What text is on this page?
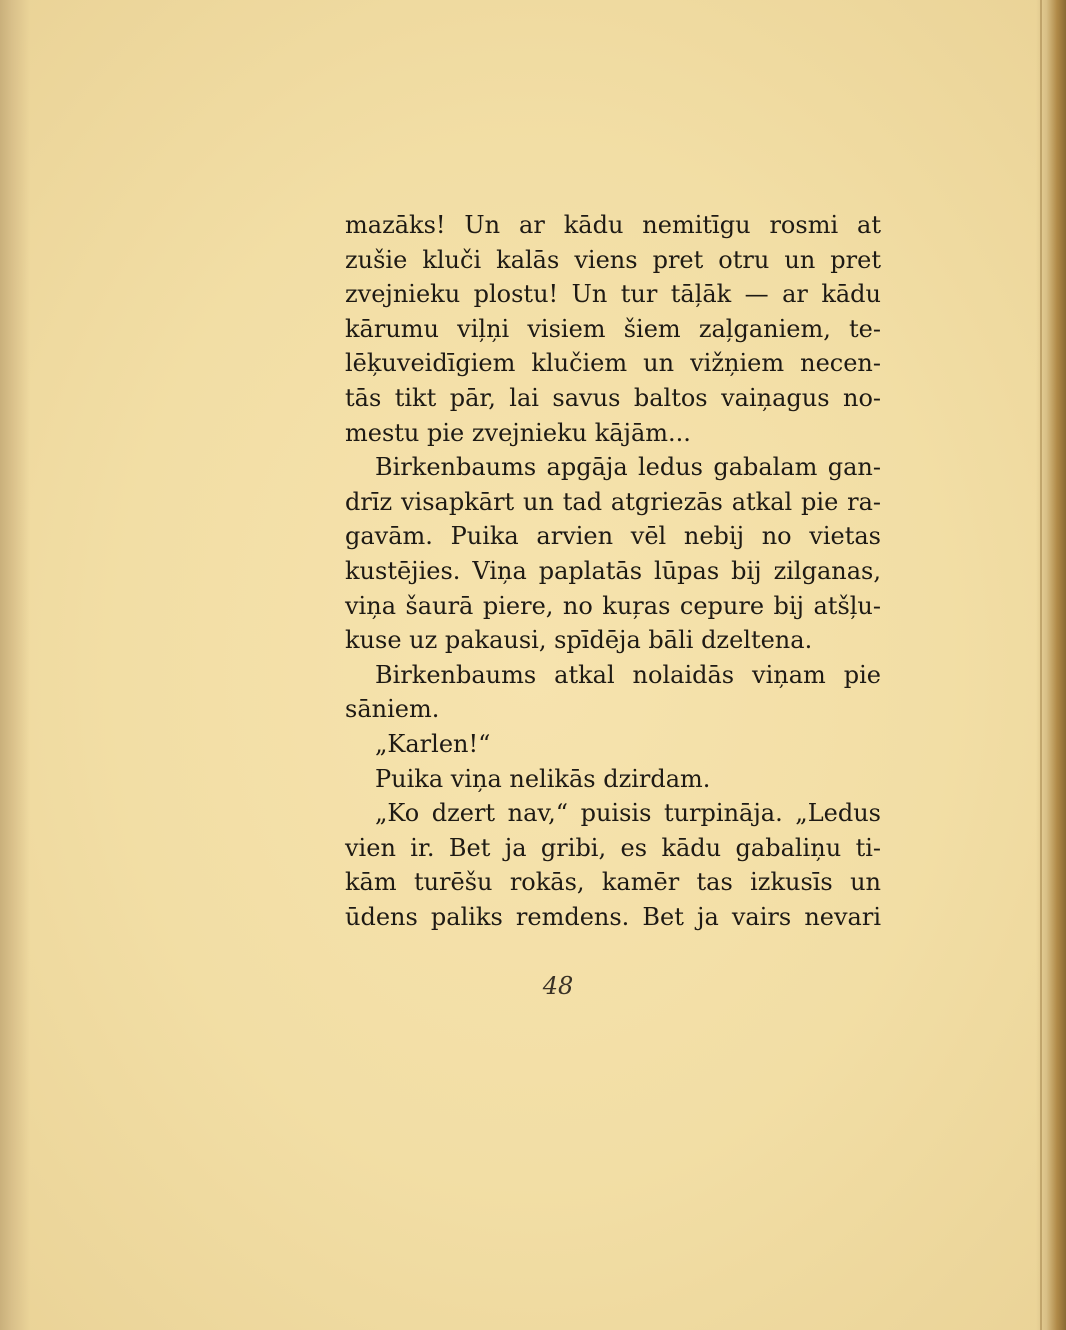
mazāks! Un ar kādu nemitīgu rosmi at
zušie kluči kalās viens pret otru un pret
zvejnieku plostu! Un tur tāļāk — ar kādu
kārumu viļņi visiem šiem zaļganiem, te-
lēķuveidīgiem klučiem un vižņiem necen-
tās tikt pār, lai savus baltos vaiņagus no-
mestu pie zvejnieku kājām...
Birkenbaums apgāja ledus gabalam gan-
drīz visapkārt un tad atgriezās atkal pie ra-
gavām. Puika arvien vēl nebij no vietas
kustējies. Viņa paplatās lūpas bij zilganas,
viņa šaurā piere, no kuŗas cepure bij atšļu-
kuse uz pakausi, spīdēja bāli dzeltena.
Birkenbaums atkal nolaidās viņam pie
sāniem.
„Karlen!“
Puika viņa nelikās dzirdam.
„Ko dzert nav,“ puisis turpināja. „Ledus
vien ir. Bet ja gribi, es kādu gabaliņu ti-
kām turēšu rokās, kamēr tas izkusīs un
ūdens paliks remdens. Bet ja vairs nevari
48
